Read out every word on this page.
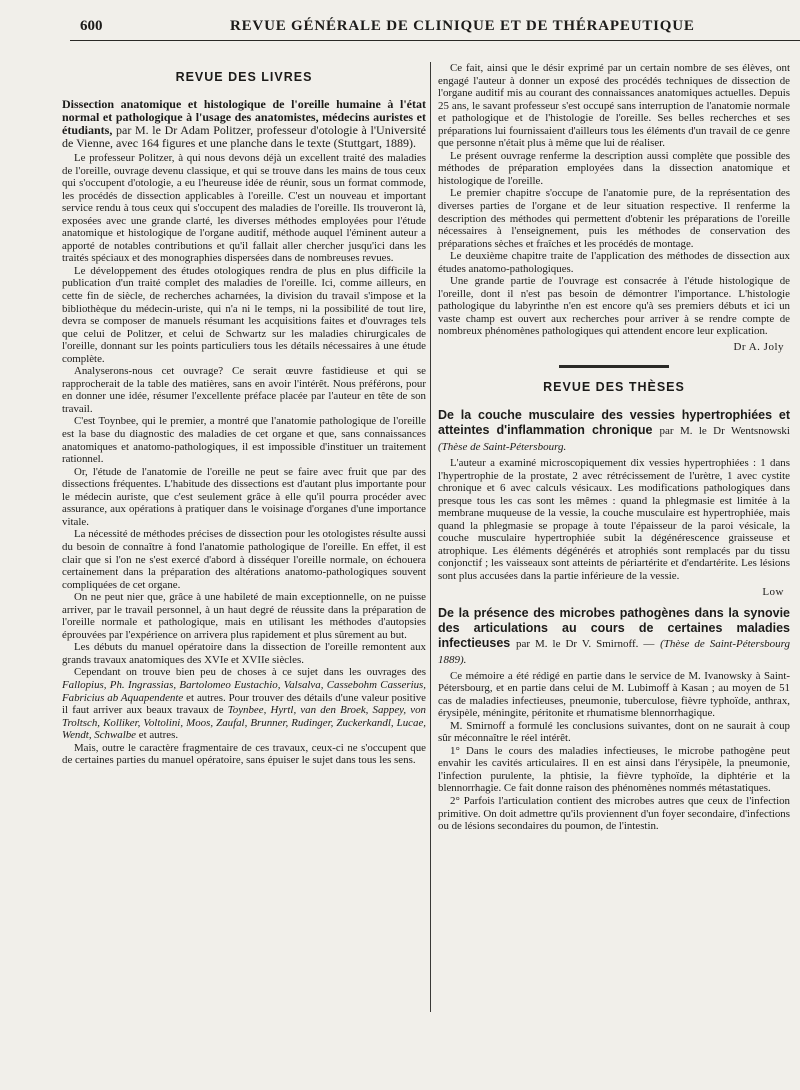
600	REVUE GÉNÉRALE DE CLINIQUE ET DE THÉRAPEUTIQUE
REVUE DES LIVRES
Dissection anatomique et histologique de l'oreille humaine à l'état normal et pathologique à l'usage des anatomistes, médecins auristes et étudiants, par M. le Dr Adam Politzer, professeur d'otologie à l'Université de Vienne, avec 164 figures et une planche dans le texte (Stuttgart, 1889).

Le professeur Politzer, à qui nous devons déjà un excellent traité des maladies de l'oreille, ouvrage devenu classique, et qui se trouve dans les mains de tous ceux qui s'occupent d'otologie, a eu l'heureuse idée de réunir, sous un format commode, les procédés de dissection applicables à l'oreille. C'est un nouveau et important service rendu à tous ceux qui s'occupent des maladies de l'oreille. Ils trouveront là, exposées avec une grande clarté, les diverses méthodes employées pour l'étude anatomique et histologique de l'organe auditif, méthode auquel l'éminent auteur a apporté de notables contributions et qu'il fallait aller chercher jusqu'ici dans les traités spéciaux et des monographies dispersées dans de nombreuses revues.

Le développement des études otologiques rendra de plus en plus difficile la publication d'un traité complet des maladies de l'oreille. Ici, comme ailleurs, en cette fin de siècle, de recherches acharnées, la division du travail s'impose et la bibliothèque du médecin-uriste, qui n'a ni le temps, ni la possibilité de tout lire, devra se composer de manuels résumant les acquisitions faites et d'ouvrages tels que celui de Politzer, et celui de Schwartz sur les maladies chirurgicales de l'oreille, donnant sur les points particuliers tous les détails nécessaires à une étude complète.

Analyserons-nous cet ouvrage? Ce serait œuvre fastidieuse et qui se rapprocherait de la table des matières, sans en avoir l'intérêt. Nous préférons, pour en donner une idée, résumer l'excellente préface placée par l'auteur en tête de son travail.

C'est Toynbee, qui le premier, a montré que l'anatomie pathologique de l'oreille est la base du diagnostic des maladies de cet organe et que, sans connaissances anatomiques et anatomo-pathologiques, il est impossible d'instituer un traitement rationnel.

Or, l'étude de l'anatomie de l'oreille ne peut se faire avec fruit que par des dissections fréquentes. L'habitude des dissections est d'autant plus importante pour le médecin auriste, que c'est seulement grâce à elle qu'il pourra procéder avec assurance, aux opérations à pratiquer dans le voisinage d'organes d'une importance vitale.

La nécessité de méthodes précises de dissection pour les otologistes résulte aussi du besoin de connaître à fond l'anatomie pathologique de l'oreille. En effet, il est clair que si l'on ne s'est exercé d'abord à disséquer l'oreille normale, on échouera certainement dans la préparation des altérations anatomo-pathologiques souvent compliquées de cet organe.

On ne peut nier que, grâce à une habileté de main exceptionnelle, on ne puisse arriver, par le travail personnel, à un haut degré de réussite dans la préparation de l'oreille normale et pathologique, mais en utilisant les méthodes d'autopsies éprouvées par l'expérience on arrivera plus rapidement et plus sûrement au but.

Les débuts du manuel opératoire dans la dissection de l'oreille remontent aux grands travaux anatomiques des XVIe et XVIIe siècles.

Cependant on trouve bien peu de choses à ce sujet dans les ouvrages des Fallopius, Ph. Ingrassias, Bartolomeo Eustachio, Valsalva, Cassebohm Casserius, Fabricius ab Aquapendente et autres. Pour trouver des détails d'une valeur positive il faut arriver aux beaux travaux de Toynbee, Hyrtl, van den Broek, Sappey, von Troltsch, Kolliker, Voltolini, Moos, Zaufal, Brunner, Rudinger, Zuckerkandl, Lucae, Wendt, Schwalbe et autres.

Mais, outre le caractère fragmentaire de ces travaux, ceux-ci ne s'occupent que de certaines parties du manuel opératoire, sans épuiser le sujet dans tous les sens.

Ce fait, ainsi que le désir exprimé par un certain nombre de ses élèves, ont engagé l'auteur à donner un exposé des procédés techniques de dissection de l'organe auditif mis au courant des connaissances anatomiques actuelles. Depuis 25 ans, le savant professeur s'est occupé sans interruption de l'anatomie normale et pathologique et de l'histologie de l'oreille. Ses belles recherches et ses préparations lui fournissaient d'ailleurs tous les éléments d'un travail de ce genre que personne n'était plus à même que lui de réaliser.

Le présent ouvrage renferme la description aussi complète que possible des méthodes de préparation employées dans la dissection anatomique et histologique de l'oreille.

Le premier chapitre s'occupe de l'anatomie pure, de la représentation des diverses parties de l'organe et de leur situation respective. Il renferme la description des méthodes qui permettent d'obtenir les préparations de l'oreille nécessaires à l'enseignement, puis les méthodes de conservation des préparations sèches et fraîches et les procédés de montage.

Le deuxième chapitre traite de l'application des méthodes de dissection aux études anatomo-pathologiques.

Une grande partie de l'ouvrage est consacrée à l'étude histologique de l'oreille, dont il n'est pas besoin de démontrer l'importance. L'histologie pathologique du labyrinthe n'en est encore qu'à ses premiers débuts et ici un vaste champ est ouvert aux recherches pour arriver à se rendre compte de nombreux phénomènes pathologiques qui attendent encore leur explication.

Dr A. Joly
REVUE DES THÈSES
De la couche musculaire des vessies hypertrophiées et atteintes d'inflammation chronique par M. le Dr Wentsnowski (Thèse de Saint-Pétersbourg.

L'auteur a examiné microscopiquement dix vessies hypertrophiées : 1 dans l'hypertrophie de la prostate, 2 avec rétrécissement de l'urètre, 1 avec cystite chronique et 6 avec calculs vésicaux. Les modifications pathologiques dans presque tous les cas sont les mêmes : quand la phlegmasie est limitée à la membrane muqueuse de la vessie, la couche musculaire est hypertrophiée, mais quand la phlegmasie se propage à toute l'épaisseur de la paroi vésicale, la couche musculaire hypertrophiée subit la dégénérescence graisseuse et atrophique. Les éléments dégénérés et atrophiés sont remplacés par du tissu conjonctif ; les vaisseaux sont atteints de périartérite et d'endartérite. Les lésions sont plus accusées dans la partie inférieure de la vessie.

Low
De la présence des microbes pathogènes dans la synovie des articulations au cours de certaines maladies infectieuses par M. le Dr V. Smirnoff. — (Thèse de Saint-Pétersbourg 1889).

Ce mémoire a été rédigé en partie dans le service de M. Ivanowsky à Saint-Pétersbourg, et en partie dans celui de M. Lubimoff à Kasan ; au moyen de 51 cas de maladies infectieuses, pneumonie, tuberculose, fièvre typhoïde, anthrax, érysipèle, méningite, péritonite et rhumatisme blennorrhagique.

M. Smirnoff a formulé les conclusions suivantes, dont on ne saurait à coup sûr méconnaître le réel intérêt.

1° Dans le cours des maladies infectieuses, le microbe pathogène peut envahir les cavités articulaires. Il en est ainsi dans l'érysipèle, la pneumonie, l'infection purulente, la phtisie, la fièvre typhoïde, la diphtérie et la blennorrhagie. Ce fait donne raison des phénomènes nommés métastatiques.

2° Parfois l'articulation contient des microbes autres que ceux de l'infection primitive. On doit admettre qu'ils proviennent d'un foyer secondaire, d'infections ou de lésions secondaires du poumon, de l'intestin.
